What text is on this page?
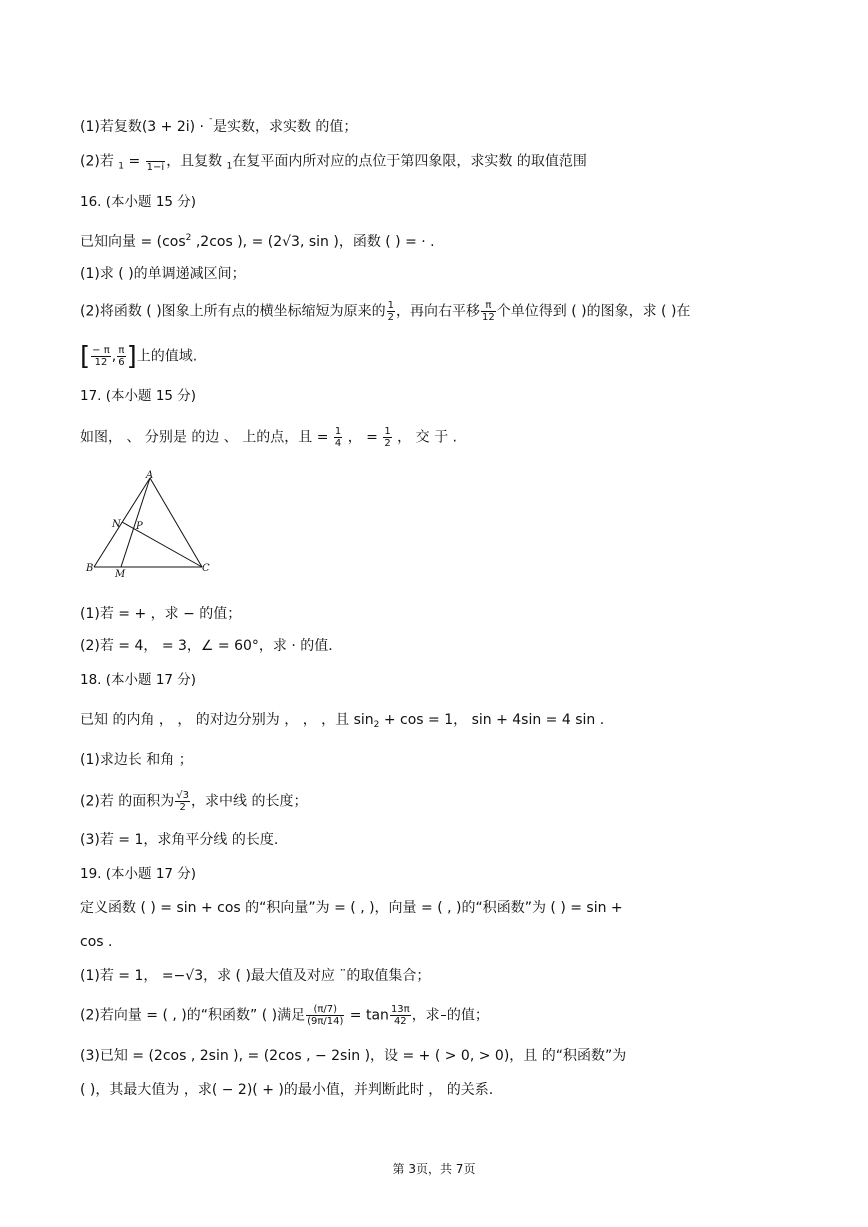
(1)若复数(3 + 2i) · ¯是实数，求实数 的值；
(2)若 $_1$ =
1−i ，且复数 $_1$在复平面内所对应的点位于第四象限，求实数 的取值范围
16. (本小题 15 分)
已知向量 = ($\cos^2$ ,2cos ), = (2√3, sin )，函数 ( ) = · .
(1)求 ( )的单调递减区间；
(2)将函数 ( )图象上所有点的横坐标缩短为原来的 $\frac{1}{2}$ ，再向右平移 $\frac{\pi}{12}$ 个单位得到 ( )的图象，求 ( )在
[ $\frac{- \pi}{12}$ , $\frac{\pi}{6}$ ]上的值域.
17. (本小题 15 分)
如图， 、 分别是 的边 、 上的点，且 = $\frac{1}{4}$ ， = $\frac{1}{2}$ ， 交 于 .
A
B	C
M
N P
(1)若 = + ，求 − 的值；
(2)若 = 4， = 3，∠ = 60°，求 · 的值.
18. (本小题 17 分)
已知 的内角 ， ， 的对边分别为 ， ， ，且 $\sin_2 + \cos = 1$， sin + 4sin = 4 sin .
(1)求边长 和角 ；
(2)若 的面积为 $\frac{√3}{2}$ ，求中线 的长度；
(3)若 = 1，求角平分线 的长度.
19. (本小题 17 分)
定义函数 ( ) = sin + cos 的“积向量”为 = ( , )，向量 = ( , )的“积函数”为 ( ) = sin +
cos .
(1)若 = 1， =−√3，求 ( )最大值及对应 ¨的取值集合；
(2)若向量 = ( , )的“积函数” ( )满足 $\frac{(\pi/7)}{(9\pi/14)} = \tan \frac{13\pi}{42}$ ，求

的值；
(3)已知 = (2cos , 2sin ), = (2cos , − 2sin )，设 = + ( > 0, > 0)，且 的“积函数”为
( )，其最大值为 ，求( − 2)( + )的最小值，并判断此时 ， 的关系.
第 3页，共 7页
